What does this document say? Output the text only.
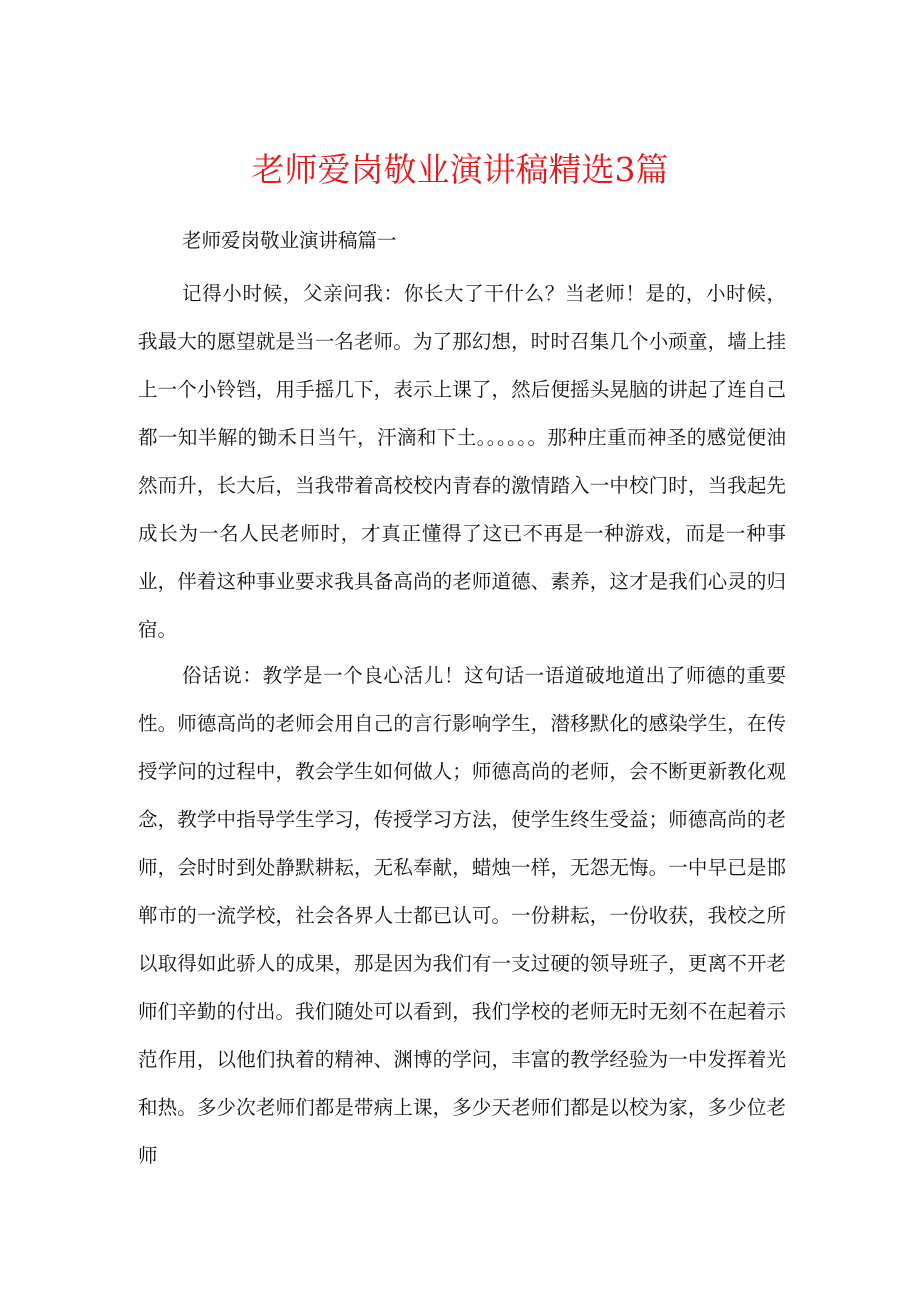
老师爱岗敬业演讲稿精选3篇
老师爱岗敬业演讲稿篇一

记得小时候，父亲问我：你长大了干什么？当老师！是的，小时候，我最大的愿望就是当一名老师。为了那幻想，时时召集几个小顽童，墙上挂上一个小铃铛，用手摇几下，表示上课了，然后便摇头晃脑的讲起了连自己都一知半解的锄禾日当午，汗滴和下土。。。。。。那种庄重而神圣的感觉便油然而升，长大后，当我带着高校校内青春的激情踏入一中校门时，当我起先成长为一名人民老师时，才真正懂得了这已不再是一种游戏，而是一种事业，伴着这种事业要求我具备高尚的老师道德、素养，这才是我们心灵的归宿。

俗话说：教学是一个良心活儿！这句话一语道破地道出了师德的重要性。师德高尚的老师会用自己的言行影响学生，潜移默化的感染学生，在传授学问的过程中，教会学生如何做人；师德高尚的老师，会不断更新教化观念，教学中指导学生学习，传授学习方法，使学生终生受益；师德高尚的老师，会时时到处静默耕耘，无私奉献，蜡烛一样，无怨无悔。一中早已是邯郸市的一流学校，社会各界人士都已认可。一份耕耘，一份收获，我校之所以取得如此骄人的成果，那是因为我们有一支过硬的领导班子，更离不开老师们辛勤的付出。我们随处可以看到，我们学校的老师无时无刻不在起着示范作用，以他们执着的精神、渊博的学问，丰富的教学经验为一中发挥着光和热。多少次老师们都是带病上课，多少天老师们都是以校为家，多少位老师
